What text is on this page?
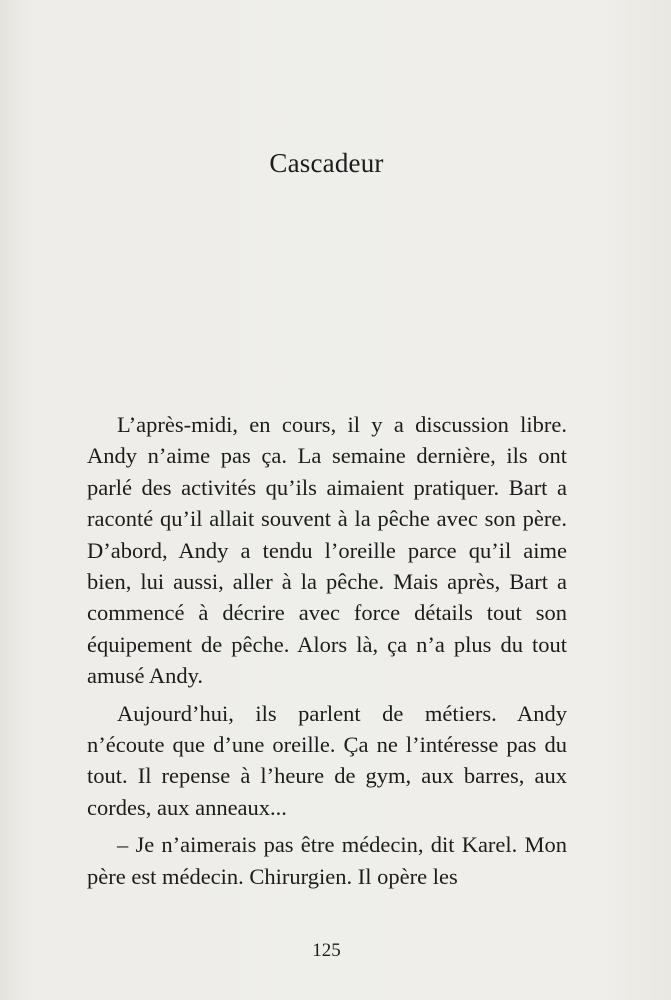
Cascadeur

L’après-midi, en cours, il y a discussion libre. Andy n’aime pas ça. La semaine dernière, ils ont parlé des activités qu’ils aimaient pratiquer. Bart a raconté qu’il allait souvent à la pêche avec son père. D’abord, Andy a tendu l’oreille parce qu’il aime bien, lui aussi, aller à la pêche. Mais après, Bart a commencé à décrire avec force détails tout son équipement de pêche. Alors là, ça n’a plus du tout amusé Andy.

Aujourd’hui, ils parlent de métiers. Andy n’écoute que d’une oreille. Ça ne l’intéresse pas du tout. Il repense à l’heure de gym, aux barres, aux cordes, aux anneaux...

– Je n’aimerais pas être médecin, dit Karel. Mon père est médecin. Chirurgien. Il opère les

125
